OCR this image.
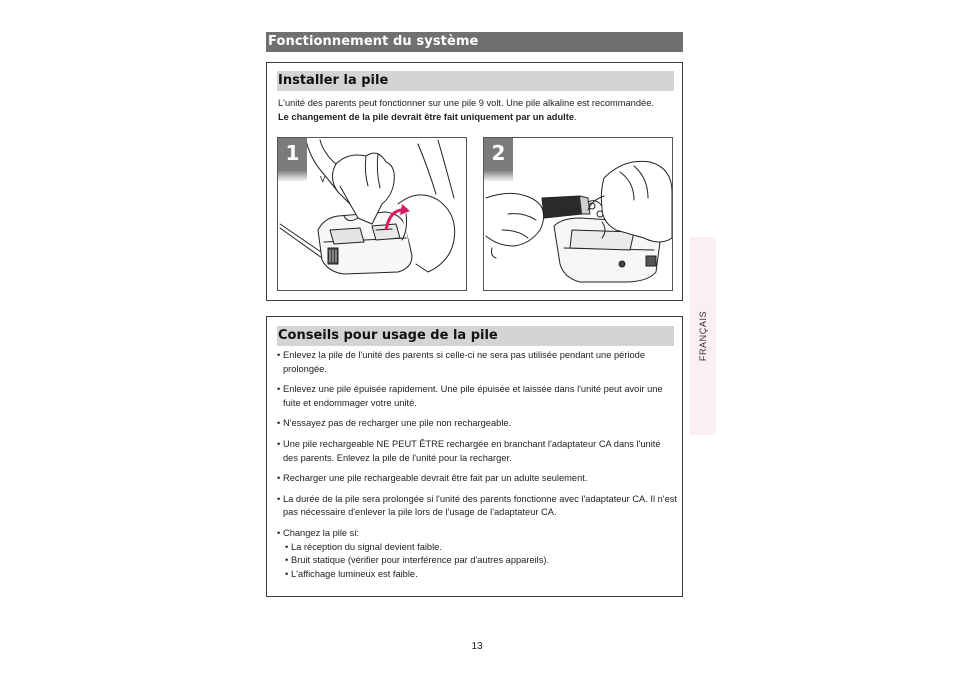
Fonctionnement du système
Installer la pile
L'unité des parents peut fonctionner sur une pile 9 volt. Une pile alkaline est recommandée.
Le changement de la pile devrait être fait uniquement par un adulte.
V
1	2
Conseils pour usage de la pile
• Enlevez la pile de l'unité des parents si celle-ci ne sera pas utilisée pendant une période prolongée.
• Enlevez une pile épuisée rapidement. Une pile épuisée et laissée dans l'unité peut avoir une fuite et endommager votre unité.
• N'essayez pas de recharger une pile non rechargeable.
• Une pile rechargeable NE PEUT ÊTRE rechargée en branchant l'adaptateur CA dans l'unité des parents. Enlevez la pile de l'unité pour la recharger.
• Recharger une pile rechargeable devrait être fait par un adulte seulement.
• La durée de la pile sera prolongée si l'unité des parents fonctionne avec l'adaptateur CA. Il n'est pas nécessaire d'enlever la pile lors de l'usage de l'adaptateur CA.
• Changez la pile si:
• La réception du signal devient faible.
• Bruit statique (vérifier pour interférence par d'autres appareils).
• L'affichage lumineux est faible.
FRANÇAIS
13
